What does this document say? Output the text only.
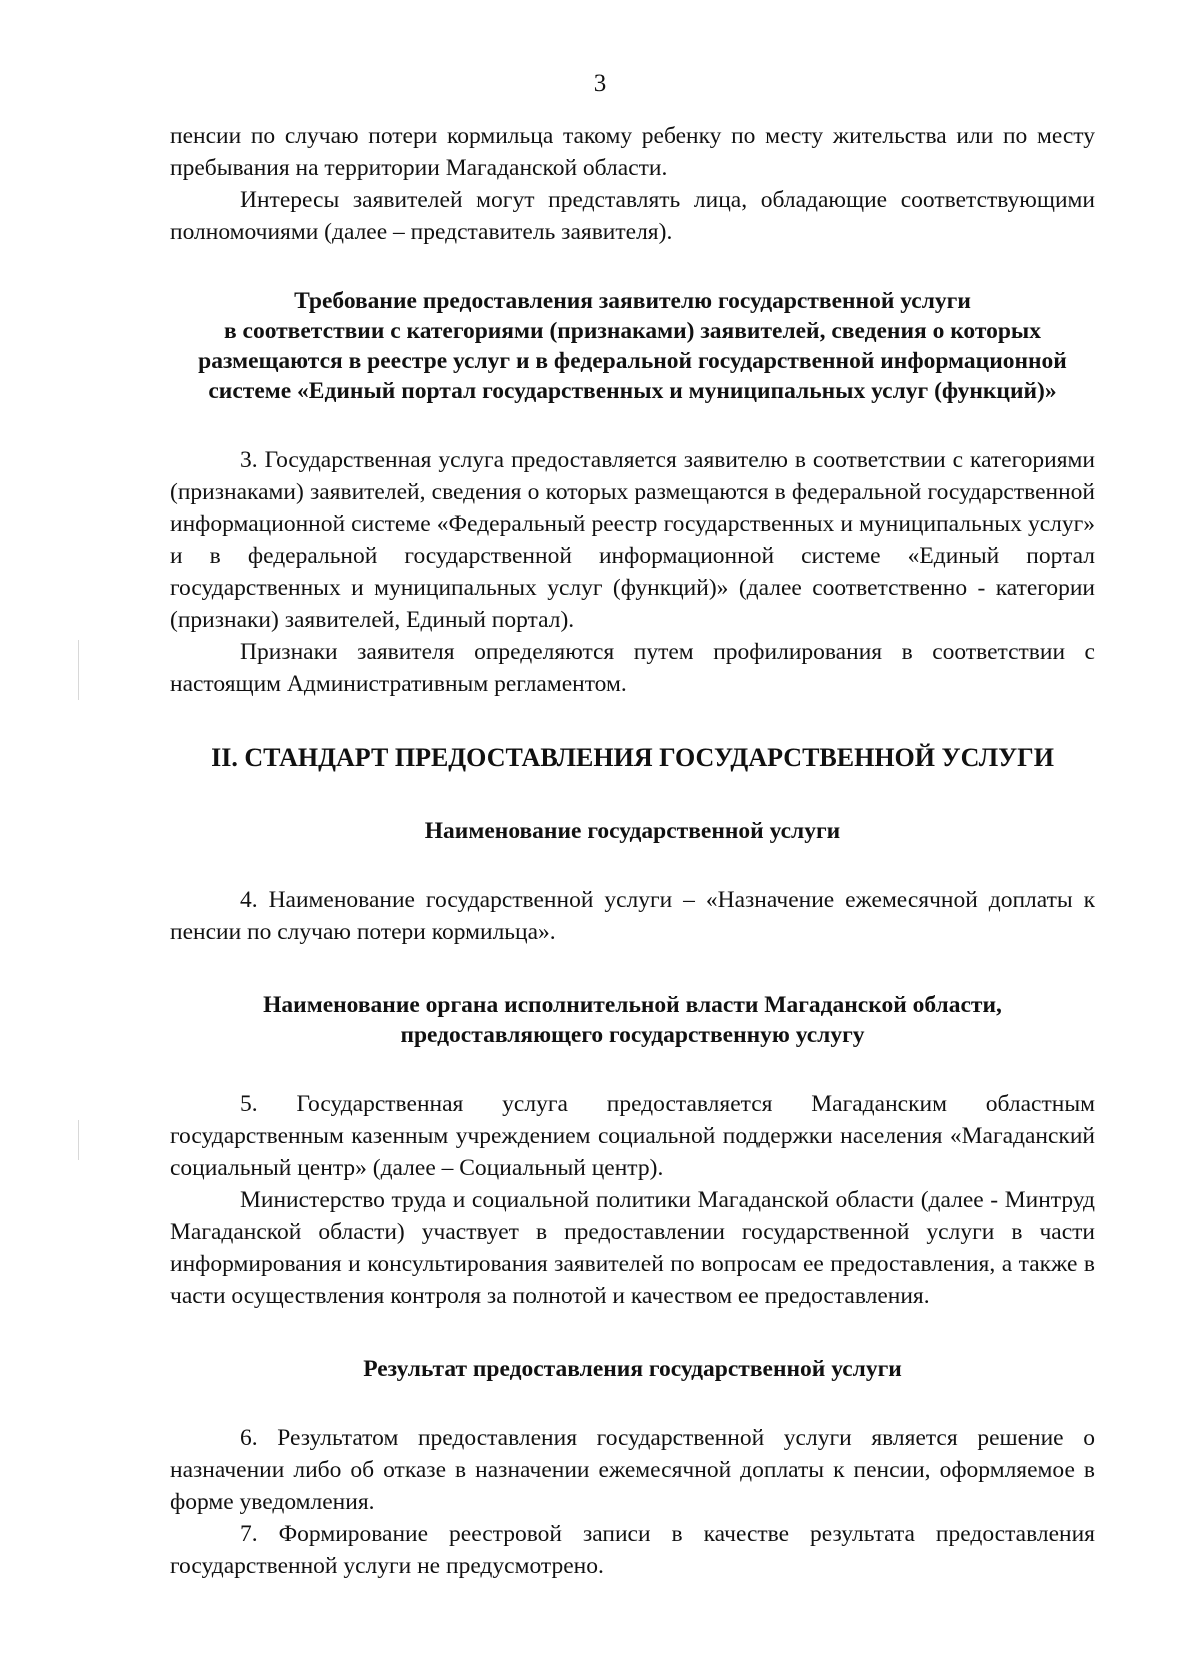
3

пенсии по случаю потери кормильца такому ребенку по месту жительства или по месту пребывания на территории Магаданской области.

Интересы заявителей могут представлять лица, обладающие соответствующими полномочиями (далее – представитель заявителя).

Требование предоставления заявителю государственной услуги
в соответствии с категориями (признаками) заявителей, сведения о которых
размещаются в реестре услуг и в федеральной государственной информационной
системе «Единый портал государственных и муниципальных услуг (функций)»

3. Государственная услуга предоставляется заявителю в соответствии с категориями (признаками) заявителей, сведения о которых размещаются в федеральной государственной информационной системе «Федеральный реестр государственных и муниципальных услуг» и в федеральной государственной информационной системе «Единый портал государственных и муниципальных услуг (функций)» (далее соответственно - категории (признаки) заявителей, Единый портал).

Признаки заявителя определяются путем профилирования в соответствии с настоящим Административным регламентом.

II. СТАНДАРТ ПРЕДОСТАВЛЕНИЯ ГОСУДАРСТВЕННОЙ УСЛУГИ
Наименование государственной услуги

4. Наименование государственной услуги – «Назначение ежемесячной доплаты к пенсии по случаю потери кормильца».

Наименование органа исполнительной власти Магаданской области,
предоставляющего государственную услугу

5. Государственная услуга предоставляется Магаданским областным государственным казенным учреждением социальной поддержки населения «Магаданский социальный центр» (далее – Социальный центр).

Министерство труда и социальной политики Магаданской области (далее - Минтруд Магаданской области) участвует в предоставлении государственной услуги в части информирования и консультирования заявителей по вопросам ее предоставления, а также в части осуществления контроля за полнотой и качеством ее предоставления.

Результат предоставления государственной услуги

6. Результатом предоставления государственной услуги является решение о назначении либо об отказе в назначении ежемесячной доплаты к пенсии, оформляемое в форме уведомления.

7. Формирование реестровой записи в качестве результата предоставления государственной услуги не предусмотрено.
